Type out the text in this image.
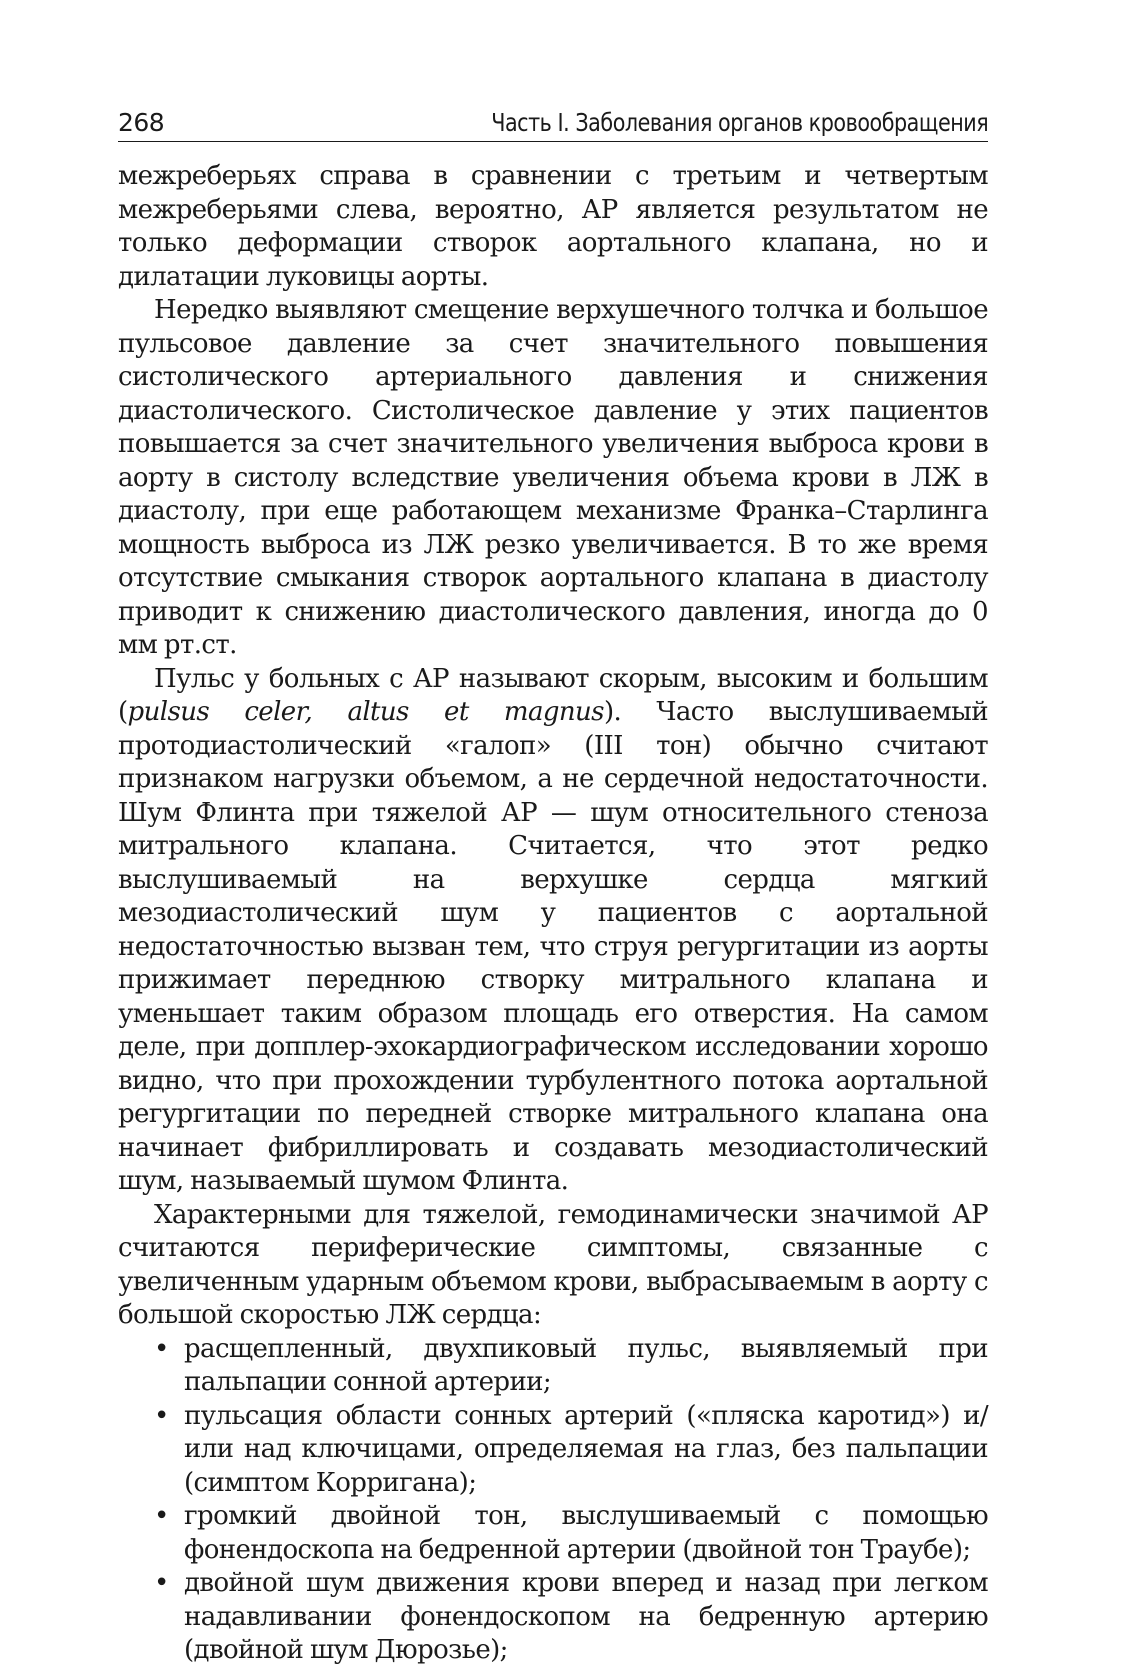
268	Часть I. Заболевания органов кровообращения

межреберьях справа в сравнении с третьим и четвертым межреберьями слева, вероятно, АР является результатом не только деформации створок аортального клапана, но и дилатации луковицы аорты.

Нередко выявляют смещение верхушечного толчка и большое пульсовое давление за счет значительного повышения систолического артериального давления и снижения диастолического. Систолическое давление у этих пациентов повышается за счет значительного увеличения выброса крови в аорту в систолу вследствие увеличения объема крови в ЛЖ в диастолу, при еще работающем механизме Франка–Старлинга мощность выброса из ЛЖ резко увеличивается. В то же время отсутствие смыкания створок аортального клапана в диастолу приводит к снижению диастолического давления, иногда до 0 мм рт.ст.

Пульс у больных с АР называют скорым, высоким и большим (pulsus celer, altus et magnus). Часто выслушиваемый протодиастолический «галоп» (III тон) обычно считают признаком нагрузки объемом, а не сердечной недостаточности. Шум Флинта при тяжелой АР — шум относительного стеноза митрального клапана. Считается, что этот редко выслушиваемый на верхушке сердца мягкий мезодиастолический шум у пациентов с аортальной недостаточностью вызван тем, что струя регургитации из аорты прижимает переднюю створку митрального клапана и уменьшает таким образом площадь его отверстия. На самом деле, при допплер-эхокардиографическом исследовании хорошо видно, что при прохождении турбулентного потока аортальной регургитации по передней створке митрального клапана она начинает фибриллировать и создавать мезодиастолический шум, называемый шумом Флинта.

Характерными для тяжелой, гемодинамически значимой АР считаются периферические симптомы, связанные с увеличенным ударным объемом крови, выбрасываемым в аорту с большой скоростью ЛЖ сердца:

• расщепленный, двухпиковый пульс, выявляемый при пальпации сонной артерии;
• пульсация области сонных артерий («пляска каротид») и/или над ключицами, определяемая на глаз, без пальпации (симптом Корригана);
• громкий двойной тон, выслушиваемый с помощью фонендоскопа на бедренной артерии (двойной тон Траубе);
• двойной шум движения крови вперед и назад при легком надавливании фонендоскопом на бедренную артерию (двойной шум Дюрозье);
